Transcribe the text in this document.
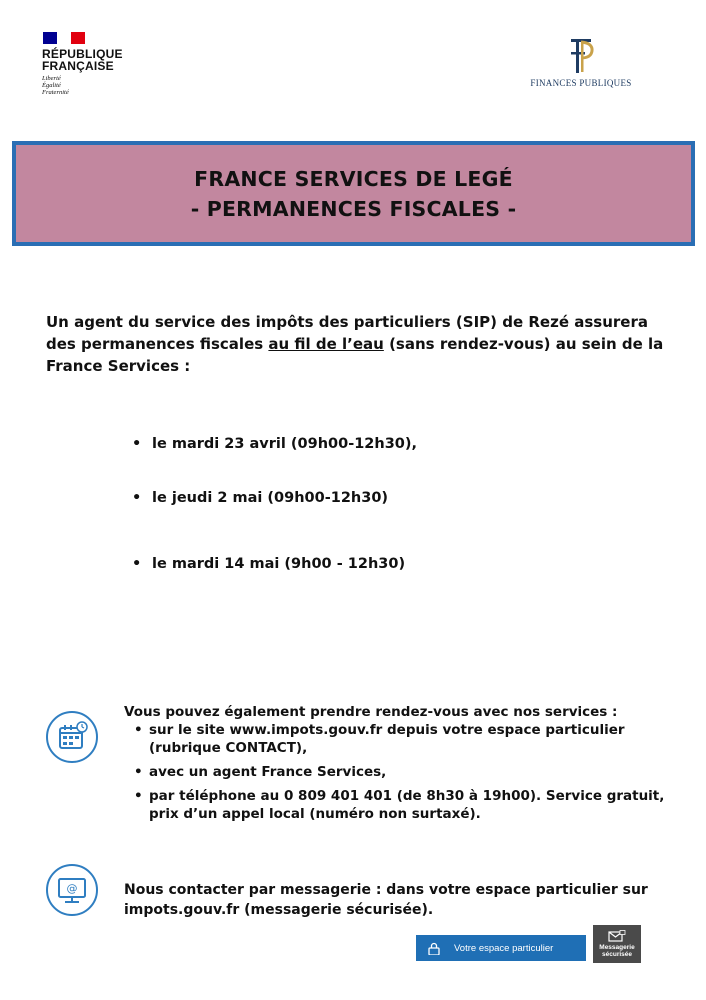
RÉPUBLIQUE
FRANÇAISE
Liberté
Égalité
Fraternité
FINANCES PUBLIQUES
FRANCE SERVICES DE LEGÉ
- PERMANENCES FISCALES -
Un agent du service des impôts des particuliers (SIP) de Rezé assurera des permanences fiscales au fil de l’eau (sans rendez-vous) au sein de la France Services :
• le mardi 23 avril (09h00-12h30),
• le jeudi 2 mai (09h00-12h30)
• le mardi 14 mai (9h00 - 12h30)
Vous pouvez également prendre rendez-vous avec nos services :
• sur le site www.impots.gouv.fr depuis votre espace particulier (rubrique CONTACT),
• avec un agent France Services,
• par téléphone au 0 809 401 401 (de 8h30 à 19h00). Service gratuit, prix d’un appel local (numéro non surtaxé).
@	Nous contacter par messagerie : dans votre espace particulier sur impots.gouv.fr (messagerie sécurisée).
Votre espace particulier	Messagerie
sécurisée
